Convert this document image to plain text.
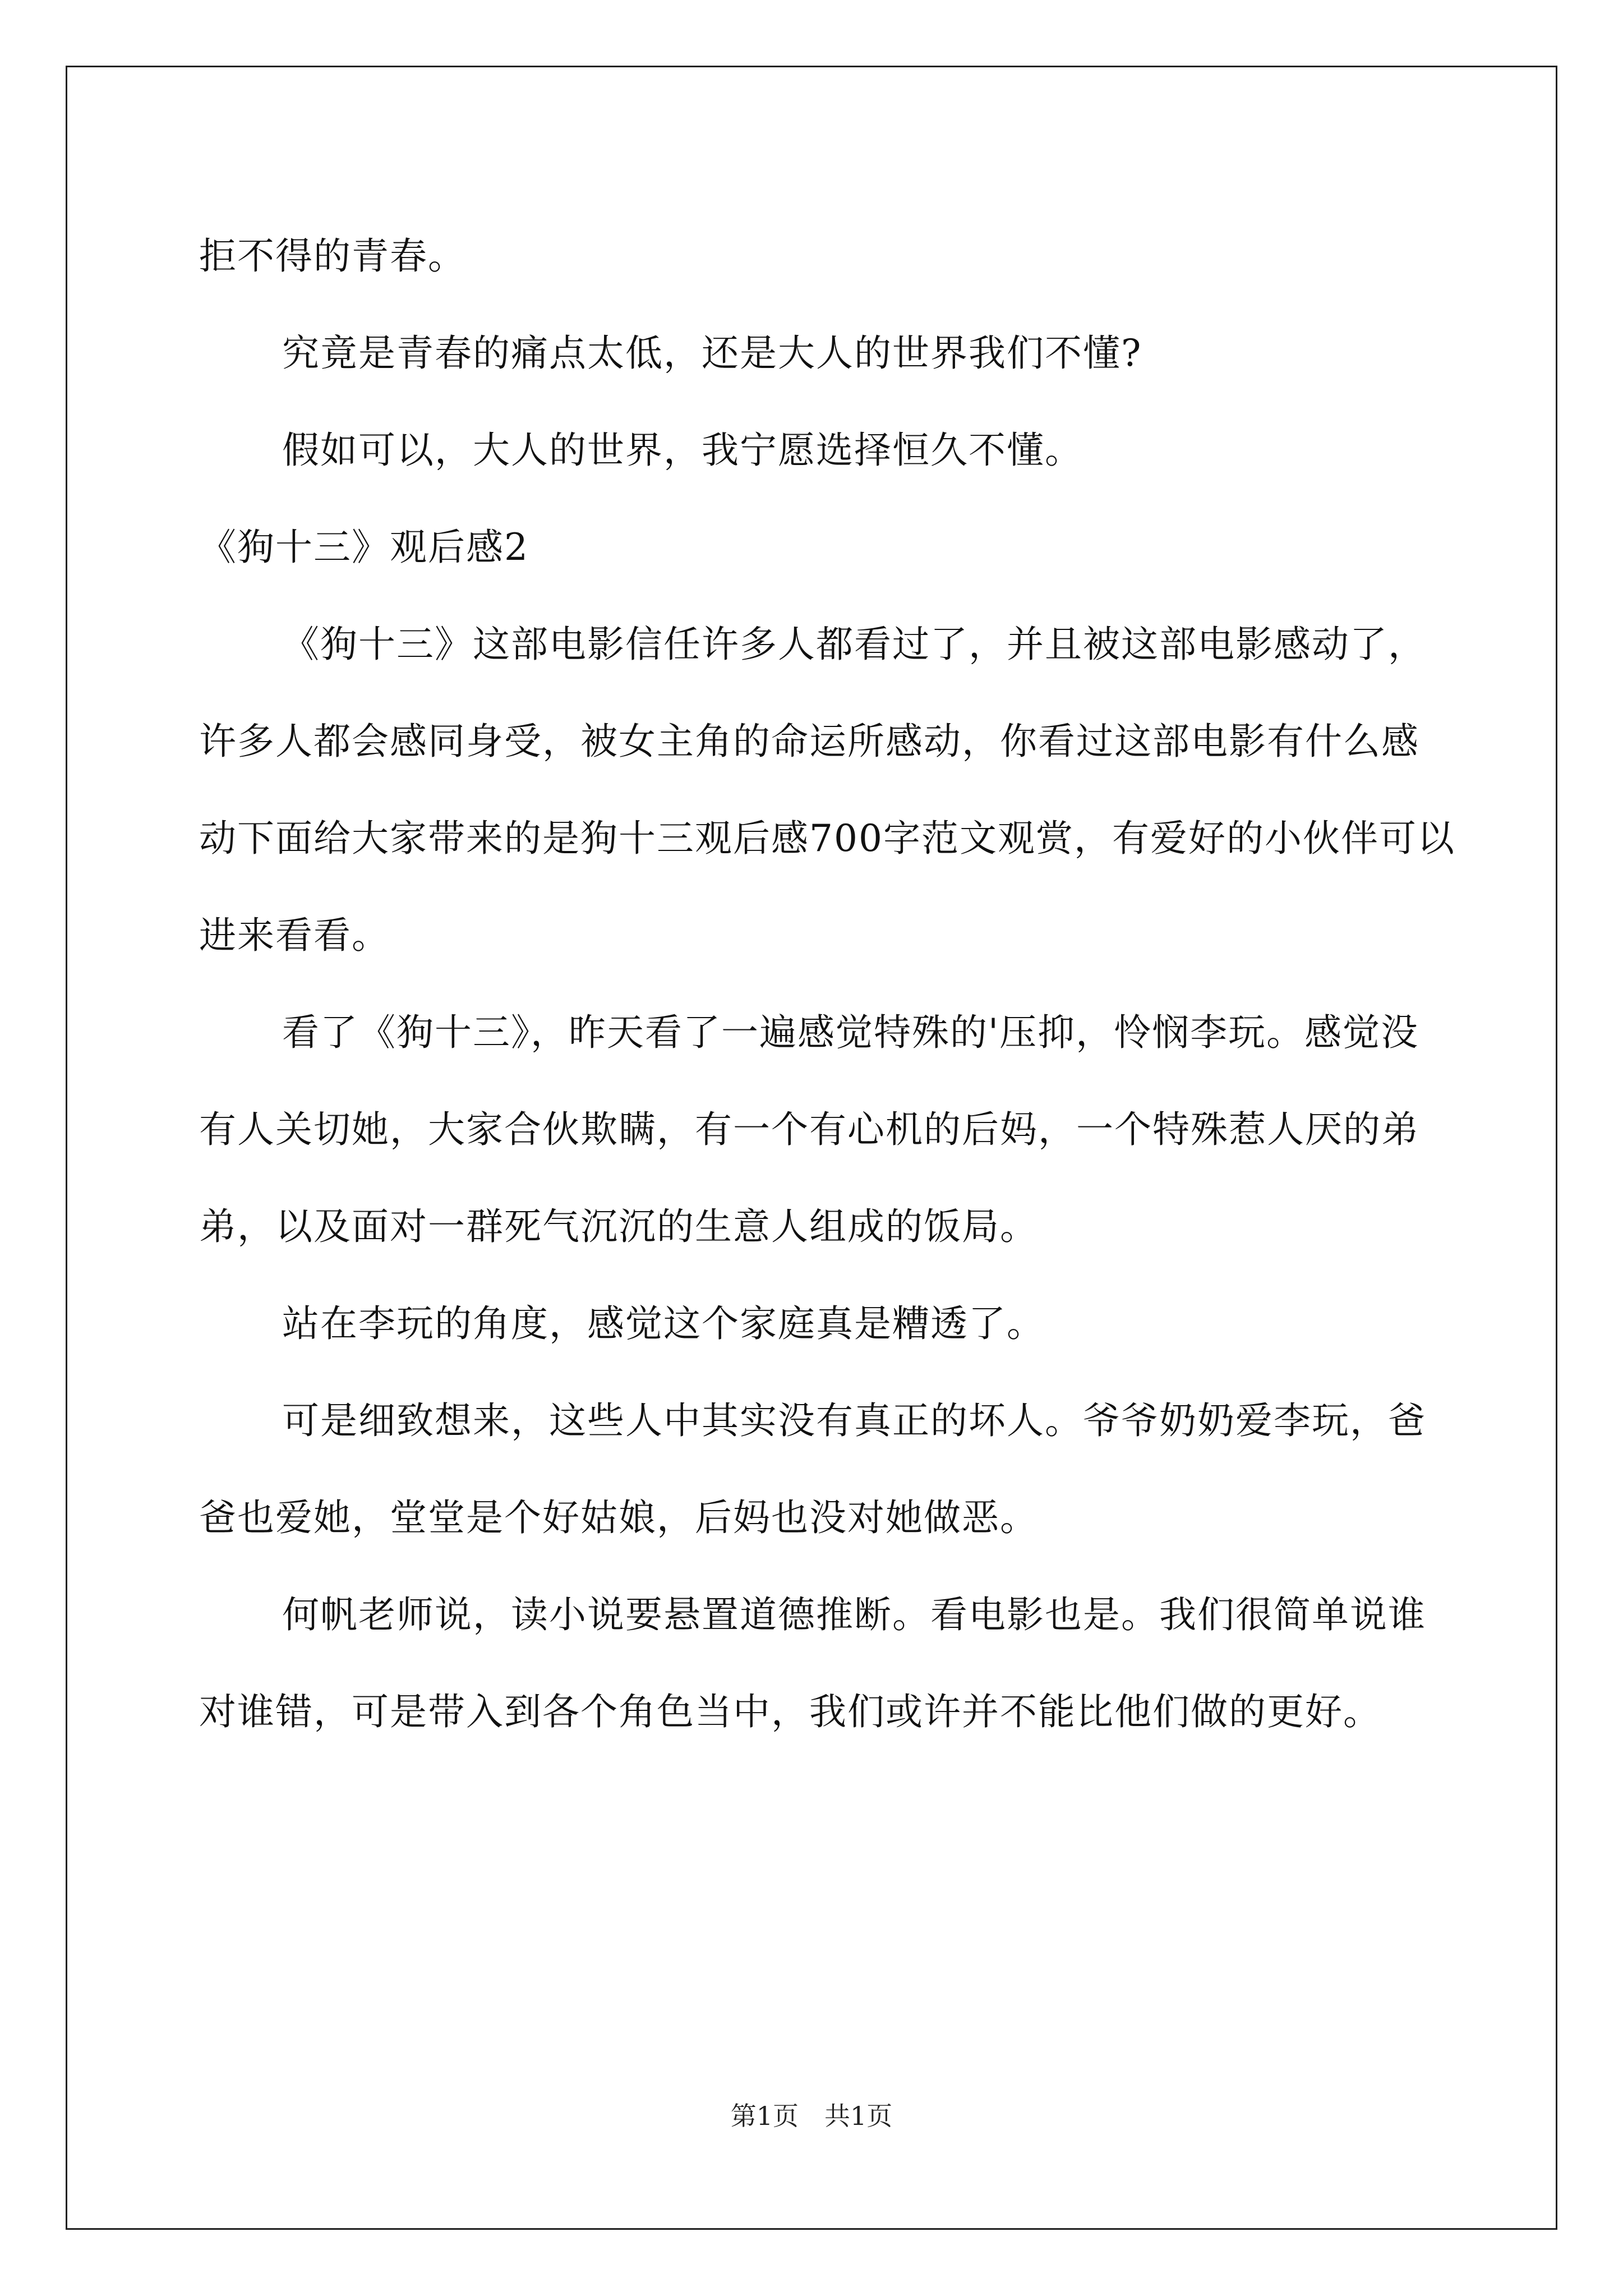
拒不得的青春。

究竟是青春的痛点太低，还是大人的世界我们不懂?

假如可以，大人的世界，我宁愿选择恒久不懂。

《狗十三》观后感2

《狗十三》这部电影信任许多人都看过了，并且被这部电影感动了，许多人都会感同身受，被女主角的命运所感动，你看过这部电影有什么感动下面给大家带来的是狗十三观后感700字范文观赏，有爱好的小伙伴可以进来看看。

看了《狗十三》，昨天看了一遍感觉特殊的'压抑，怜悯李玩。感觉没有人关切她，大家合伙欺瞒，有一个有心机的后妈，一个特殊惹人厌的弟弟，以及面对一群死气沉沉的生意人组成的饭局。

站在李玩的角度，感觉这个家庭真是糟透了。

可是细致想来，这些人中其实没有真正的坏人。爷爷奶奶爱李玩，爸爸也爱她，堂堂是个好姑娘，后妈也没对她做恶。

何帆老师说，读小说要悬置道德推断。看电影也是。我们很简单说谁对谁错，可是带入到各个角色当中，我们或许并不能比他们做的更好。

第1页　共1页
